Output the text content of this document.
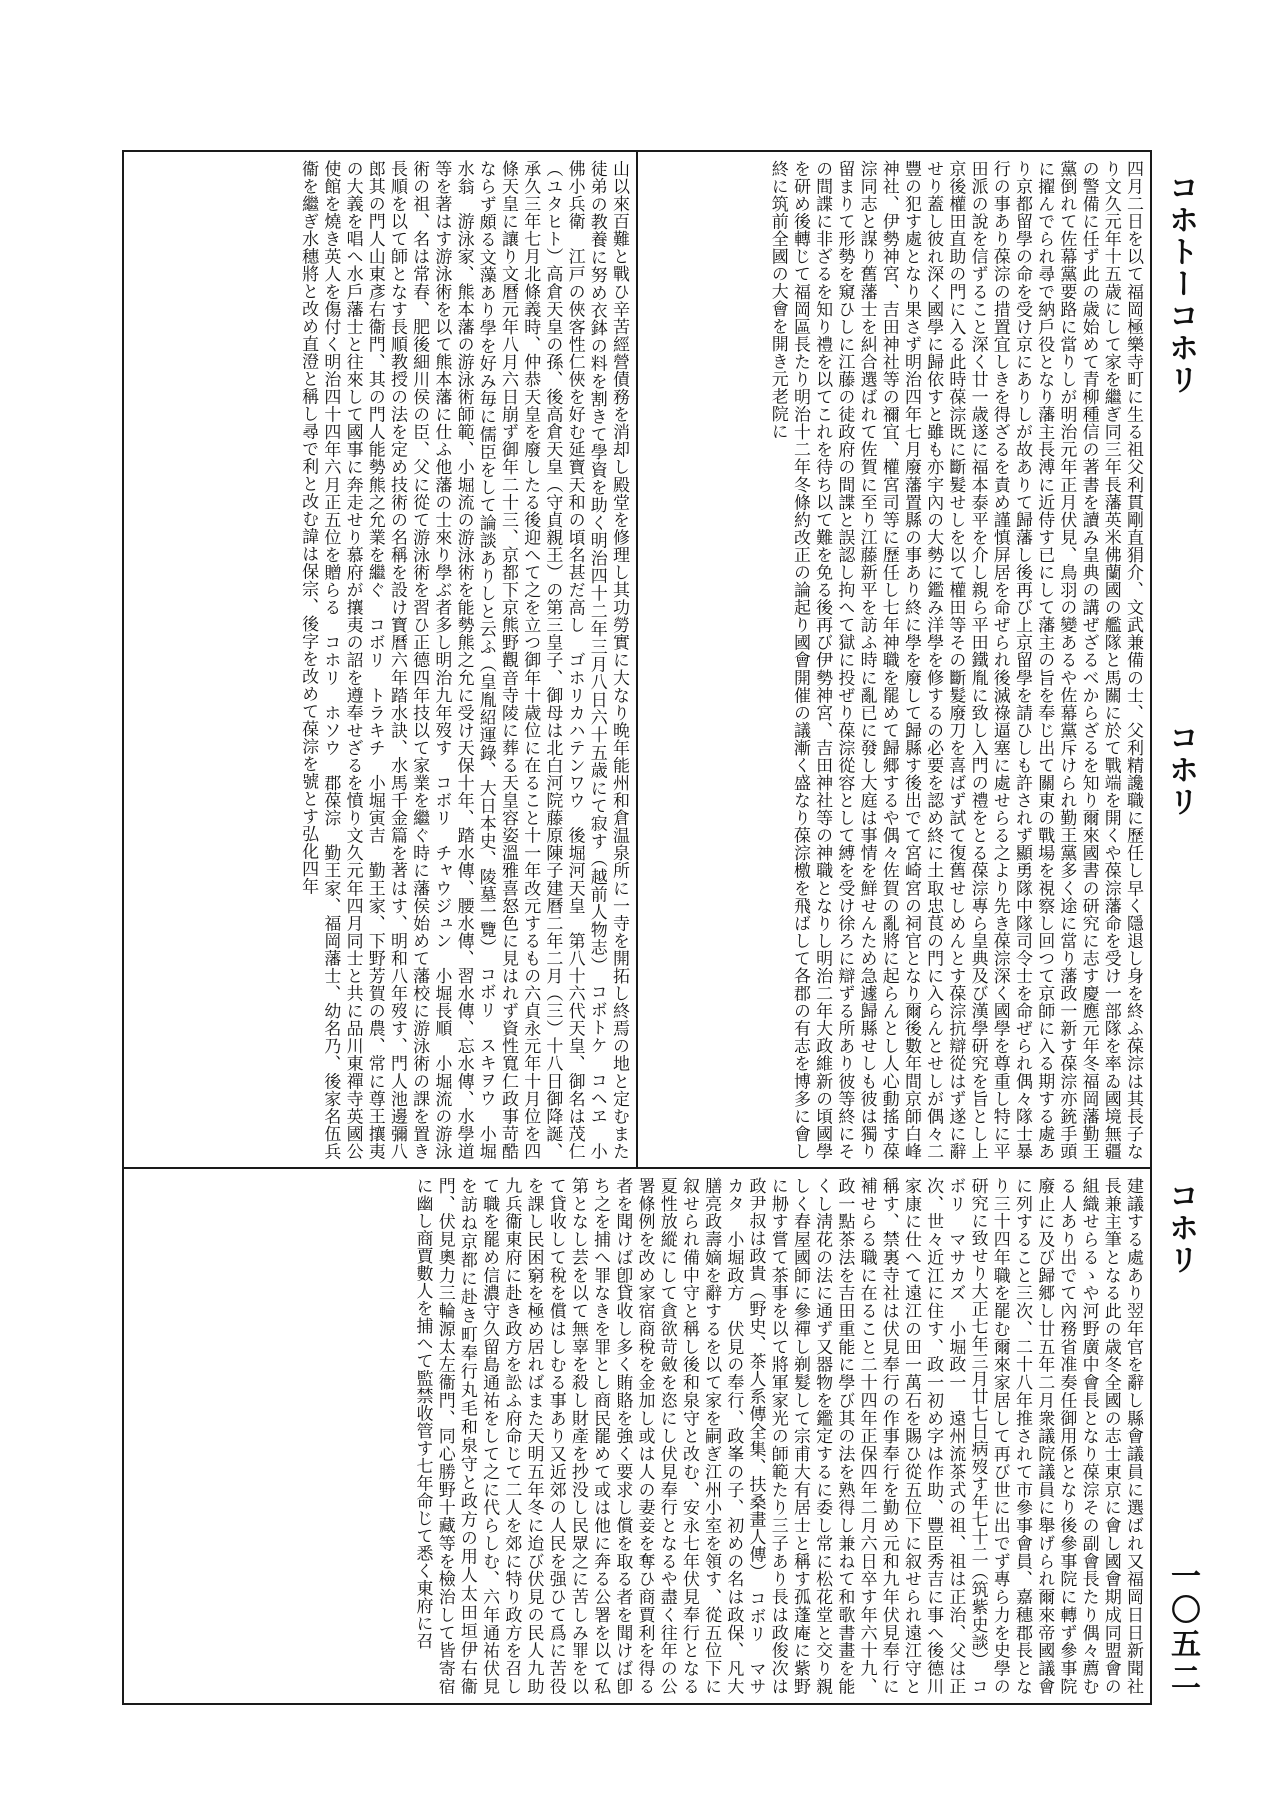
コホトーコホリ
コホリ
コホリ
一〇五二
山以來百難と戰ひ辛苦經營債務を消却し殿堂を修理し其功勞實に大なり晩年能州和倉温泉所に一寺を開拓し終焉の地と定むまた徒弟の教養に努め衣鉢の料を割きて學資を助く明治四十二年三月八日六十五歳にて寂す（越前人物志）　コボトケ　コヘヱ　小佛小兵衛　江戸の俠客性仁俠を好む延寶天和の頃名甚だ高し　ゴホリカハテンワウ　後堀河天皇　第八十六代天皇、御名は茂仁（ユタヒト）高倉天皇の孫、後高倉天皇（守貞親王）の第三皇子、御母は北白河院藤原陳子建曆二年二月（三）十八日御降誕、承久三年七月北條義時、仲恭天皇を廢したる後迎へて之を立つ御年十歳位に在ること十一年改元するもの六貞永元年十月位を四條天皇に讓り文曆元年八月六日崩ず御年二十三、京都下京熊野觀音寺陵に葬る天皇容姿溫雅喜怒色に見はれず資性寬仁政事苛酷ならず頗る文藻あり學を好み毎に儒臣をして論談ありしと云ふ（皇胤紹運錄、大日本史、陵墓一覽）　コボリ　スキヲウ　小堀水翁　游泳家、熊本藩の游泳術師範、小堀流の游泳術を能勢熊之允に受け天保十年、踏水傳、腰水傳、習水傳、忘水傳、水學道等を著はす游泳術を以て熊本藩に仕ふ他藩の士來り學ぶ者多し明治九年歿す　コボリ　チャウジュン　小堀長順　小堀流の游泳術の祖、名は常春、肥後細川侯の臣、父に從て游泳術を習ひ正德四年技以て家業を繼ぐ時に藩侯始めて藩校に游泳術の課を置き長順を以て師となす長順教授の法を定め技術の名稱を設け寶曆六年踏水訣、水馬千金篇を著はす、明和八年歿す、門人池邊彌八郎其の門人山東彥右衞門、其の門人能勢熊之允業を繼ぐ　コボリ　トラキチ　小堀寅吉　勤王家、下野芳賀の農、常に尊王攘夷の大義を唱へ水戶藩士と往來して國事に奔走せり慕府が攘夷の詔を遵奉せざるを憤り文久元年四月同士と共に品川東禪寺英國公使館を燒き英人を傷付く明治四十四年六月正五位を贈らる　コホリ　ホソウ　郡葆淙　勤王家、福岡藩士、幼名乃、後家名伍兵衞を繼ぎ水穗將と改め直澄と稱し尋で利と改む諱は保宗、後字を改めて葆淙を號とす弘化四年	四月二日を以て福岡極樂寺町に生る祖父利貫剛直狷介、文武兼備の士、父利精讒職に歷任し早く隱退し身を終ふ葆淙は其長子なり文久元年十五歳にして家を繼ぎ同三年長藩英米佛蘭國の艦隊と馬關に於て戰端を開くや葆淙藩命を受け一部隊を率ゐ國境無疆の警備に任ず此の歳始めて青柳種信の著書を讀み皇典の講ぜざるべからざるを知り爾來國書の研究に志す慶應元年冬福岡藩勤王黨倒れて佐幕黨要路に當りしが明治元年正月伏見、鳥羽の變あるや佐幕黨斥けられ勤王黨多く途に當り藩政一新す葆淙亦銃手頭に擢んでられ尋で納戶役となり藩主長溥に近侍す已にして藩主の旨を奉じ出て關東の戰場を視察し回つて京師に入る期する處あり京都留學の命を受け京にありしが故ありて歸藩し後再び上京留學を請ひしも許されず顯勇隊中隊司令士を命ぜられ偶々隊士暴行の事あり葆淙の措置宜しきを得ざるを責め謹慎屏居を命ぜられ後滅祿逼塞に處せらる之より先き葆淙深く國學を尊重し特に平田派の說を信ずること深く廿一歳遂に福本泰平を介し親ら平田鐵胤に致し入門の禮をとる葆淙專ら皇典及び漢學研究を旨とし上京後權田直助の門に入る此時葆淙既に斷髮せしを以て權田等その斷髮廢刀を喜ばず試て復舊せしめんとす葆淙抗辯從はず遂に辭せり蓋し彼れ深く國學に歸依すと雖も亦宇內の大勢に鑑み洋學を修するの必要を認め終に土取忠茛の門に入らんとせしが偶々二豐の犯す處となり果さず明治四年七月廢藩置縣の事あり終に學を廢して歸縣す後出でて宮崎宮の祠官となり爾後數年間京師白峰神社、伊勢神宮、吉田神社等の禰宜、權宮司等に歷任し七年神職を罷めて歸郷するや偶々佐賀の亂將に起らんとし人心動搖す葆淙同志と謀り舊藩士を糾合選ばれて佐賀に至り江藤新平を訪ふ時に亂已に發し大庭は事情を鮮せんため急遽歸縣せしも彼は獨り留まりて形勢を窺ひしに江藤の徒政府の間諜と誤認し拘へて獄に投ぜり葆淙從容として縛を受け徐ろに辯ずる所あり彼等終にその間諜に非ざるを知り禮を以てこれを待ち以て難を免る後再び伊勢神宮、吉田神社等の神職となりし明治二年大政維新の頃國學を研め後轉じて福岡區長たり明治十二年冬條約改正の論起り國會開催の議漸く盛なり葆淙檄を飛ばして各郡の有志を博多に會し終に筑前全國の大會を開き元老院に
建議する處あり翌年官を辭し縣會議員に選ばれ又福岡日日新聞社長兼主筆となる此の歳冬全國の志士東京に會し國會期成同盟會の組織せらるゝや河野廣中會長となり葆淙その副會長たり偶々薦むる人あり出でて內務省准奏任御用係となり後參事院に轉ず參事院廢止に及び歸郷し廿五年二月衆議院議員に舉げられ爾來帝國議會に列すること三次、二十八年推されて市參事會員、嘉穗郡長となり三十四年職を罷む爾來家居して再び世に出でず專ら力を史學の研究に致せり大正七年三月廿七日病歿す年七十二（筑紫史談）　コボリ　マサカズ　小堀政一　遠州流茶式の祖、祖は正治、父は正次、世々近江に住す、政一初め字は作助、豐臣秀吉に事へ後德川家康に仕へて遠江の田一萬石を賜ひ從五位下に叙せられ遠江守と稱す、禁裏寺社は伏見奉行の作事奉行を勤め元和九年伏見奉行に補せらる職に在ること二十四年正保四年二月六日卒す年六十九、政一點茶法を吉田重能に學び其の法を熟得し兼ねて和歌書畫を能くし淸花の法に通ず又器物を鑑定するに委し常に松花堂と交り親しく春屋國師に參禪し剃髮して宗甫大有居士と稱す孤蓬庵に紫野に刱す嘗て茶事を以て將軍家光の師範たり三子あり長は政俊次は政尹叔は政貴（野史、茶人系傳全集、扶桑畫人傳）　コボリ　マサカタ　小堀政方　伏見の奉行、政峯の子、初めの名は政保、凡大膳亮政壽嫡を辭するを以て家を嗣ぎ江州小室を領す、從五位下に叙せられ備中守と稱し後和泉守と改む、安永七年伏見奉行となる夏性放縱にして貪欲苛斂を恣にし伏見奉行となるや盡く往年の公署條例を改め家宿商稅を金加し或は人の妻妾を奪ひ商賈利を得る者を聞けば卽貸收し多く賄賂を強く要求し償を取る者を聞けば卽ち之を捕へ罪なきを罪とし商民罷めて或は他に奔る公署を以て私第となし芸を以て無辜を殺し財產を抄没し民眾之に苦しみ罪を以て貸收して稅を償はしむる事あり又近郊の人民を强ひて爲に苦役を課し民困窮を極め居ればまた天明五年冬に迨び伏見の民人九助九兵衞東府に赴き政方を訟ふ府命じて二人を郊に特り政方を召して職を罷め信濃守久留島通祐をして之に代らしむ、六年通祐伏見を訪ね京都に赴き町奉行丸毛和泉守と政方の用人太田垣伊右衞門、伏見奧力三輪源太左衞門、同心勝野十藏等を檢治して皆寄宿に幽し商賈數人を捕へて監禁收管す七年命じて悉く東府に召
